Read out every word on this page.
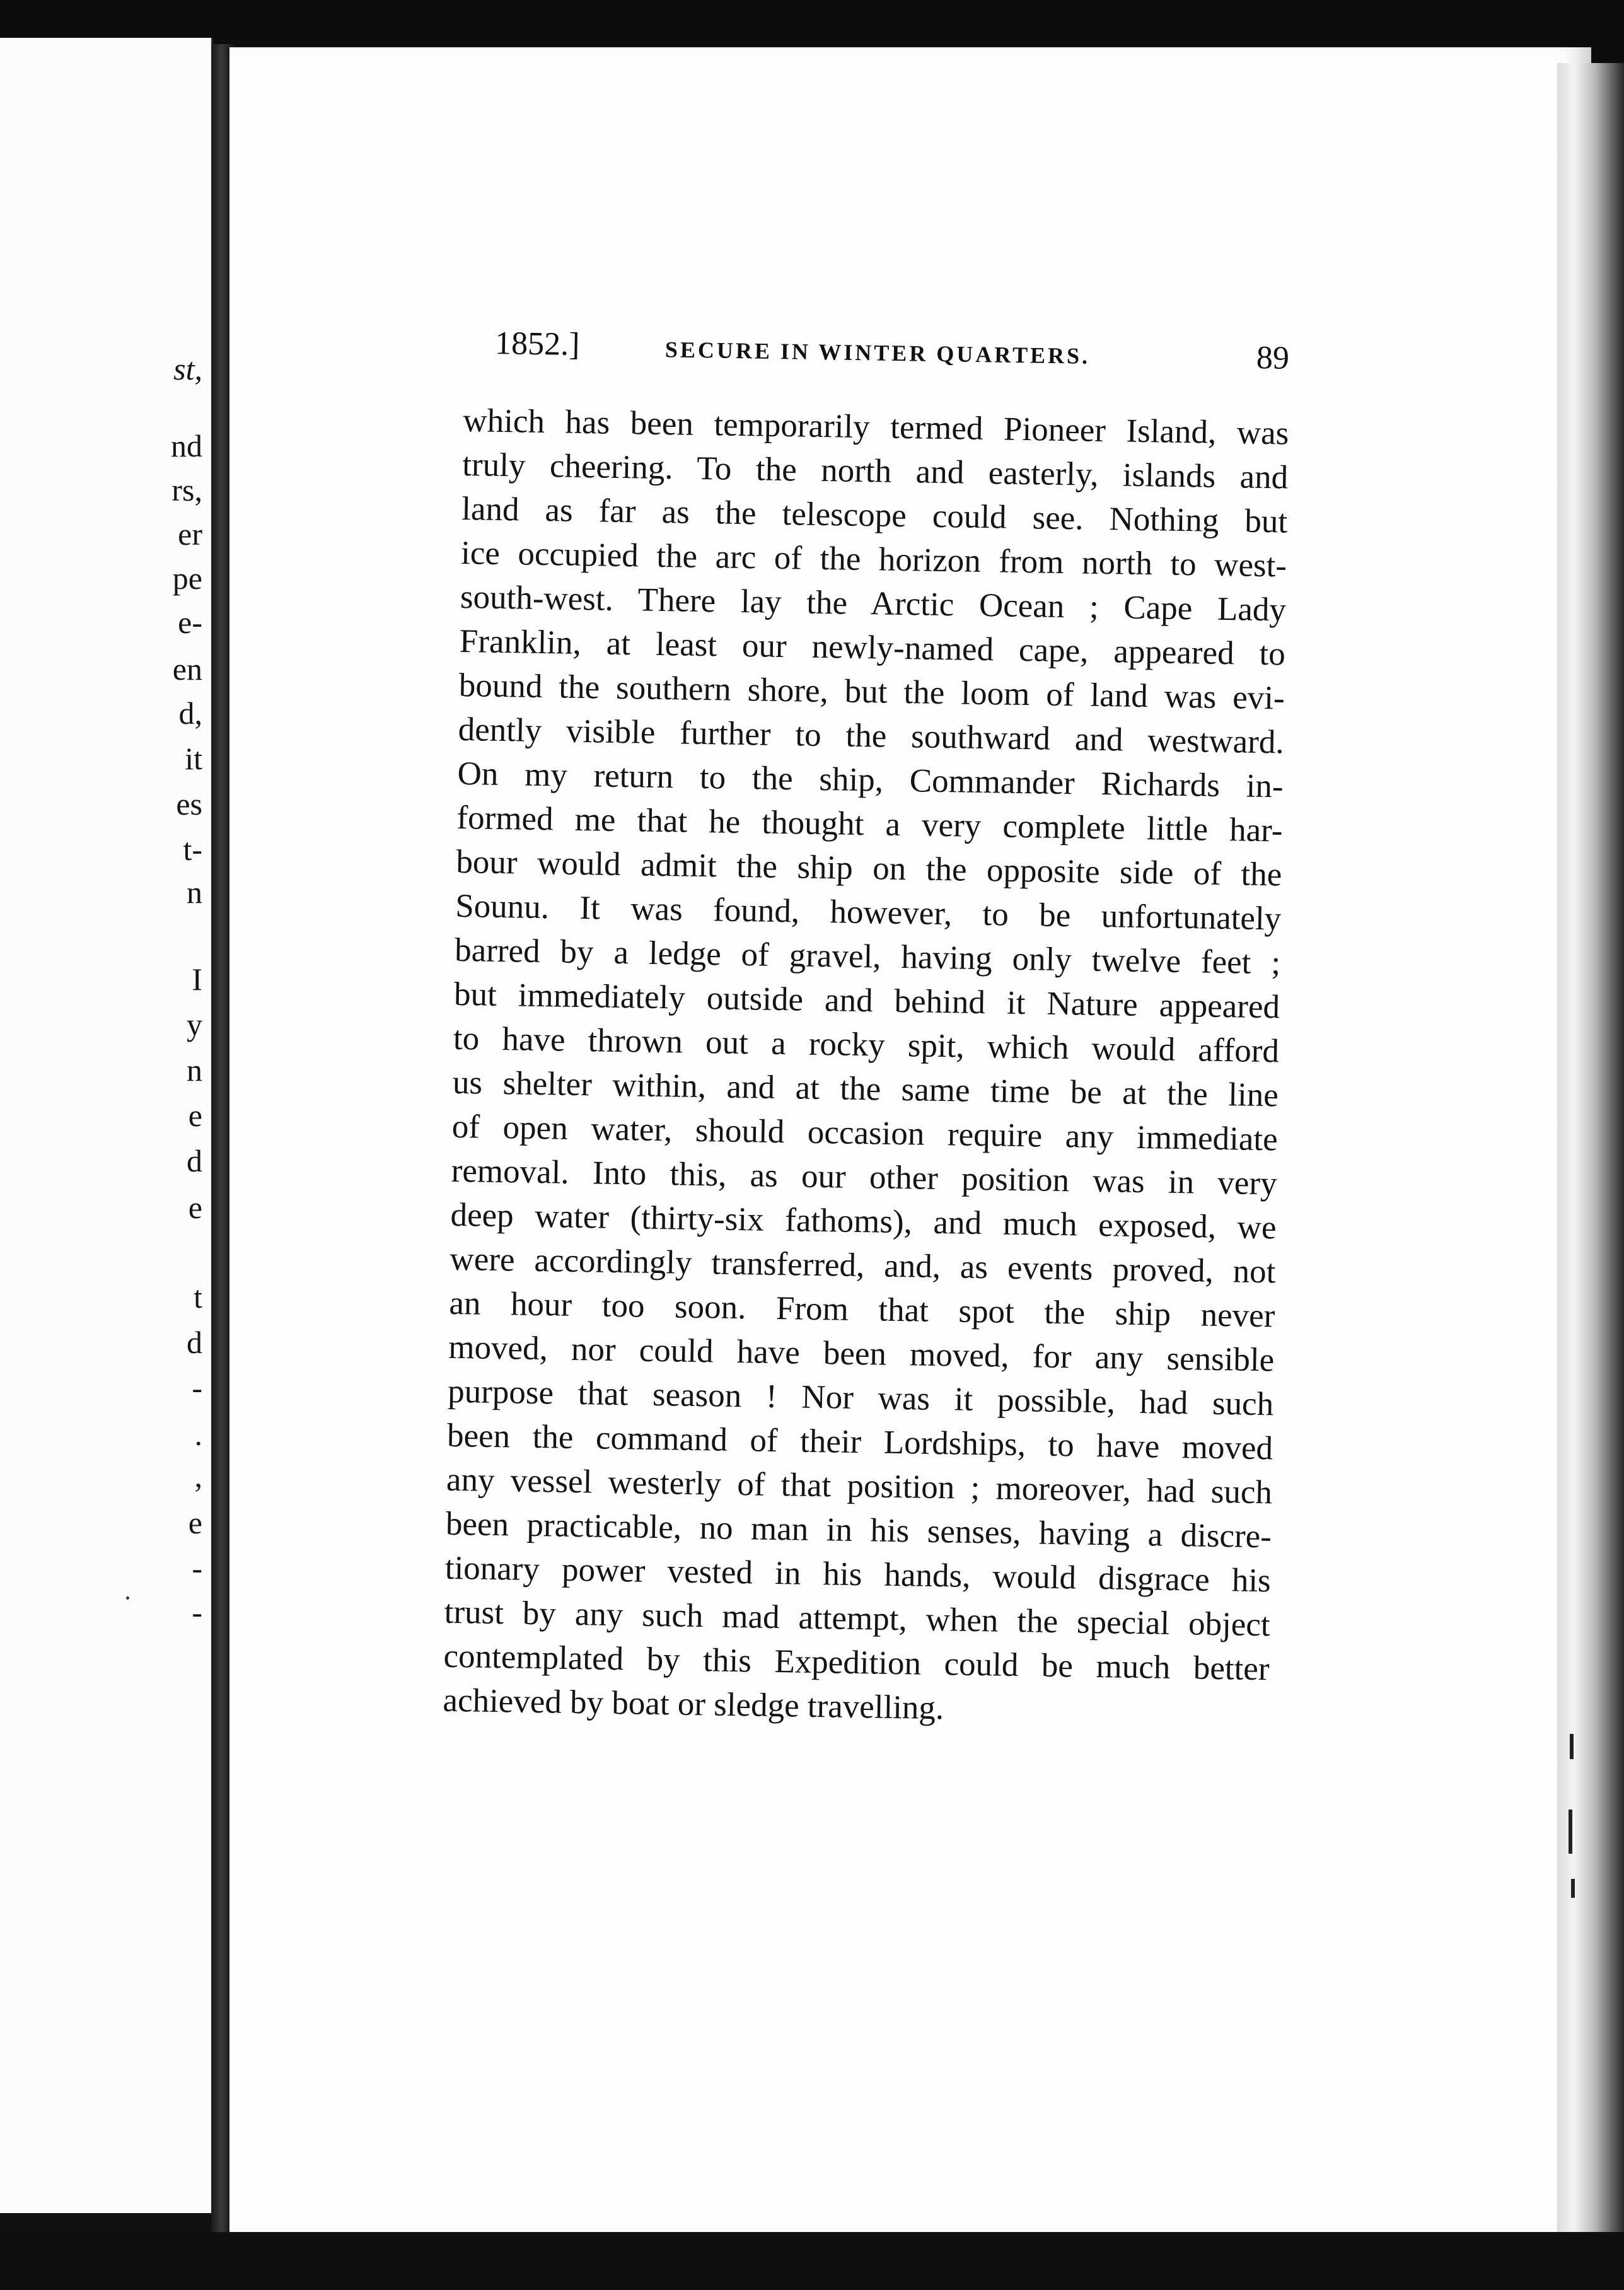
st,
nd
rs,
er
pe
e-
en
d,
it
es
t-
n
I
y
n
e
d
e
t
d
-
.
,
e
-
-
1852.]	SECURE IN WINTER QUARTERS.	89
which has been temporarily termed Pioneer Island, was
truly cheering. To the north and easterly, islands and
land as far as the telescope could see. Nothing but
ice occupied the arc of the horizon from north to west-
south-west. There lay the Arctic Ocean ; Cape Lady
Franklin, at least our newly-named cape, appeared to
bound the southern shore, but the loom of land was evi-
dently visible further to the southward and westward.
On my return to the ship, Commander Richards in-
formed me that he thought a very complete little har-
bour would admit the ship on the opposite side of the
Sounu. It was found, however, to be unfortunately
barred by a ledge of gravel, having only twelve feet ;
but immediately outside and behind it Nature appeared
to have thrown out a rocky spit, which would afford
us shelter within, and at the same time be at the line
of open water, should occasion require any immediate
removal. Into this, as our other position was in very
deep water (thirty-six fathoms), and much exposed, we
were accordingly transferred, and, as events proved, not
an hour too soon. From that spot the ship never
moved, nor could have been moved, for any sensible
purpose that season ! Nor was it possible, had such
been the command of their Lordships, to have moved
any vessel westerly of that position ; moreover, had such
been practicable, no man in his senses, having a discre-
tionary power vested in his hands, would disgrace his
trust by any such mad attempt, when the special object
contemplated by this Expedition could be much better
achieved by boat or sledge travelling.
